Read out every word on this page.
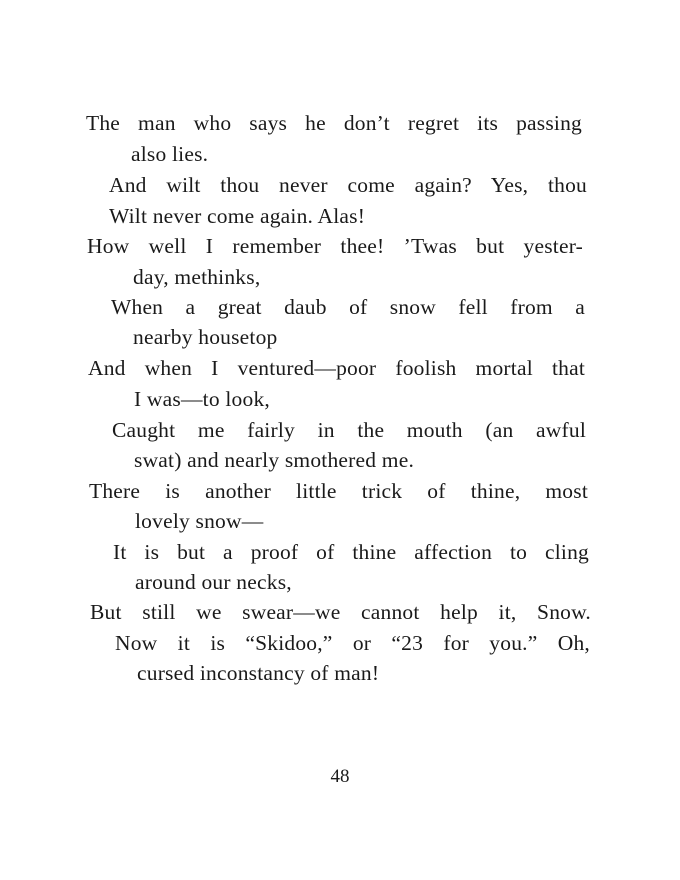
The man who says he don’t regret its passing
also lies.
And wilt thou never come again? Yes, thou
Wilt never come again. Alas!
How well I remember thee! ’Twas but yester-
day, methinks,
When a great daub of snow fell from a
nearby housetop
And when I ventured—poor foolish mortal that
I was—to look,
Caught me fairly in the mouth (an awful
swat) and nearly smothered me.
There is another little trick of thine, most
lovely snow—
It is but a proof of thine affection to cling
around our necks,
But still we swear—we cannot help it, Snow.
Now it is “Skidoo,” or “23 for you.” Oh,
cursed inconstancy of man!
48
